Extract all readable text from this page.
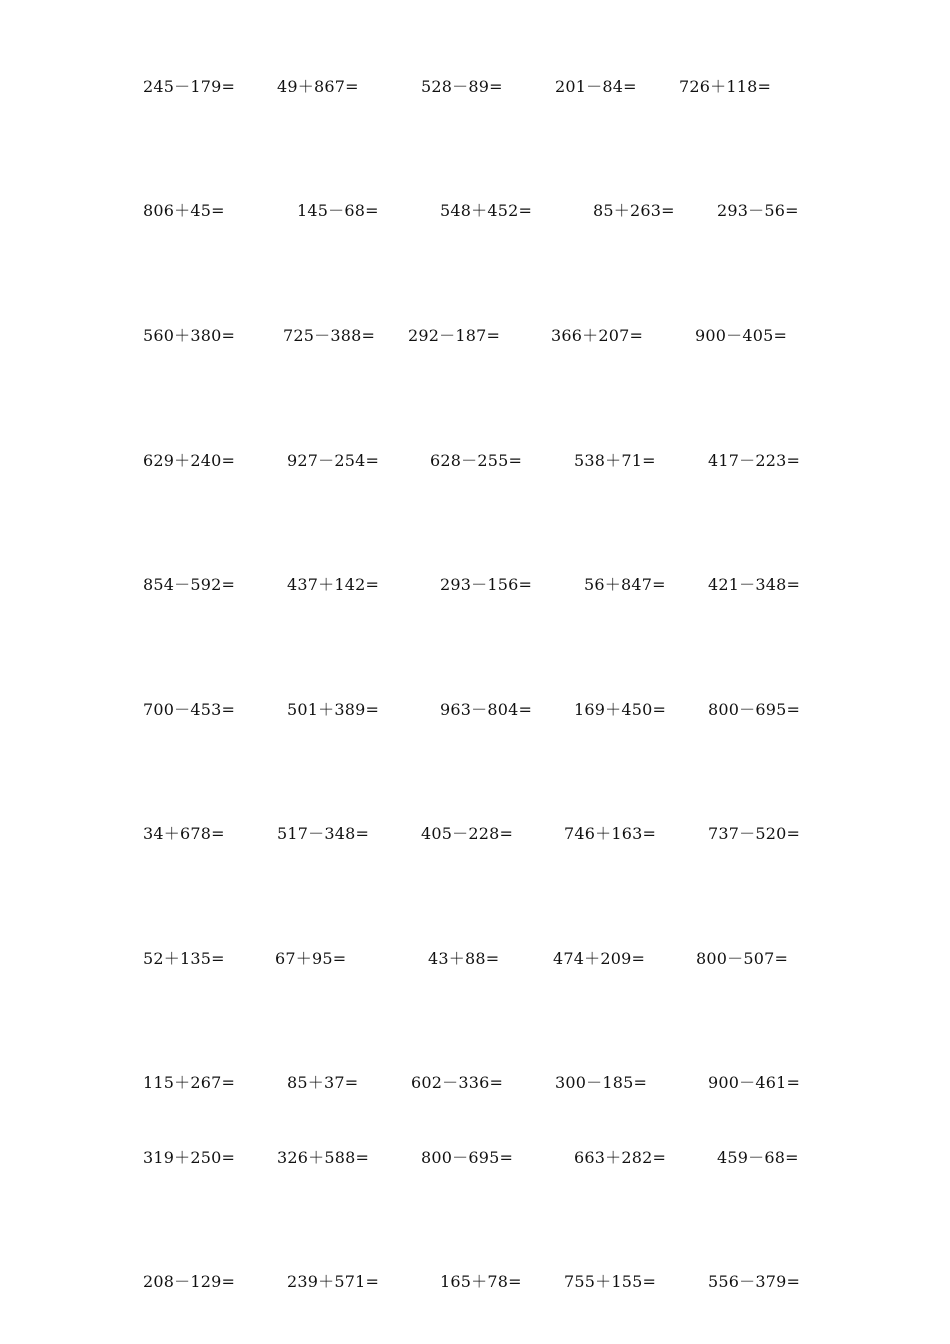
245－179=	49＋867=	528－89=	201－84=	726＋118=
806＋45=	145－68=	548＋452=	85＋263=	293－56=
560＋380=	725－388= 292－187=	366＋207=	900－405=
629＋240=	927－254=	628－255=	538＋71=	417－223=
854－592=	437＋142=	293－156=	56＋847=	421－348=
700－453=	501＋389=	963－804=	169＋450=	800－695=
34＋678=	517－348=	405－228=	746＋163=	737－520=
52＋135=	67＋95=	43＋88=	474＋209=	800－507=
115＋267=	85＋37=	602－336=	300－185=	900－461=
319＋250=	326＋588=	800－695=	663＋282=	459－68=
208－129=	239＋571=	165＋78=	755＋155=	556－379=
